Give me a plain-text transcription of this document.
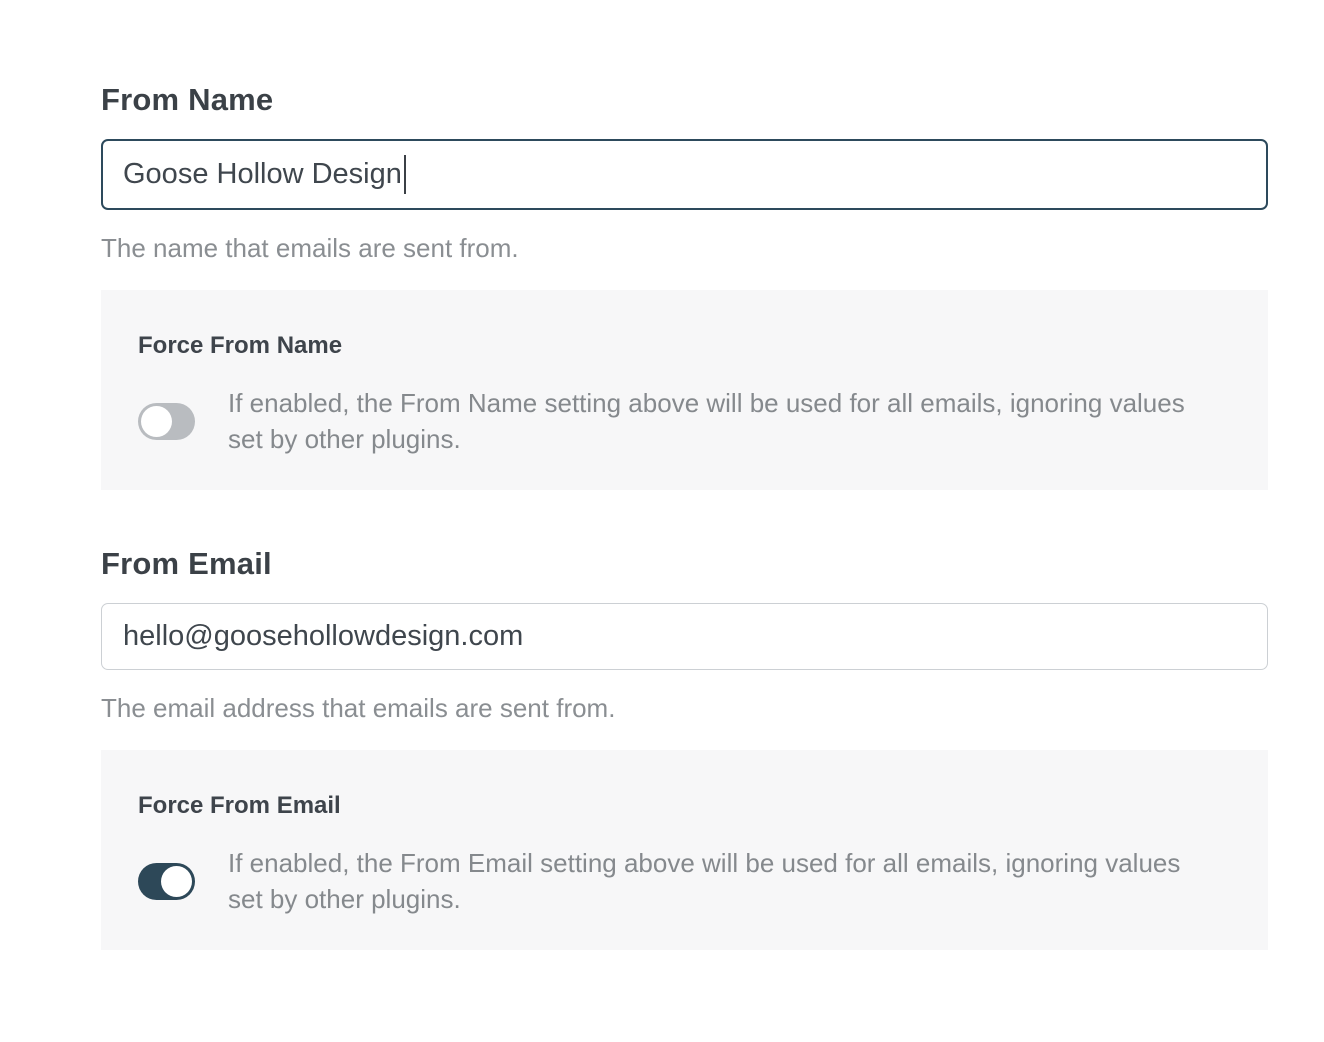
From Name
Goose Hollow Design

The name that emails are sent from.

Force From Name
If enabled, the From Name setting above will be used for all emails, ignoring values
set by other plugins.
From Email
hello@goosehollowdesign.com

The email address that emails are sent from.

Force From Email
If enabled, the From Email setting above will be used for all emails, ignoring values
set by other plugins.
